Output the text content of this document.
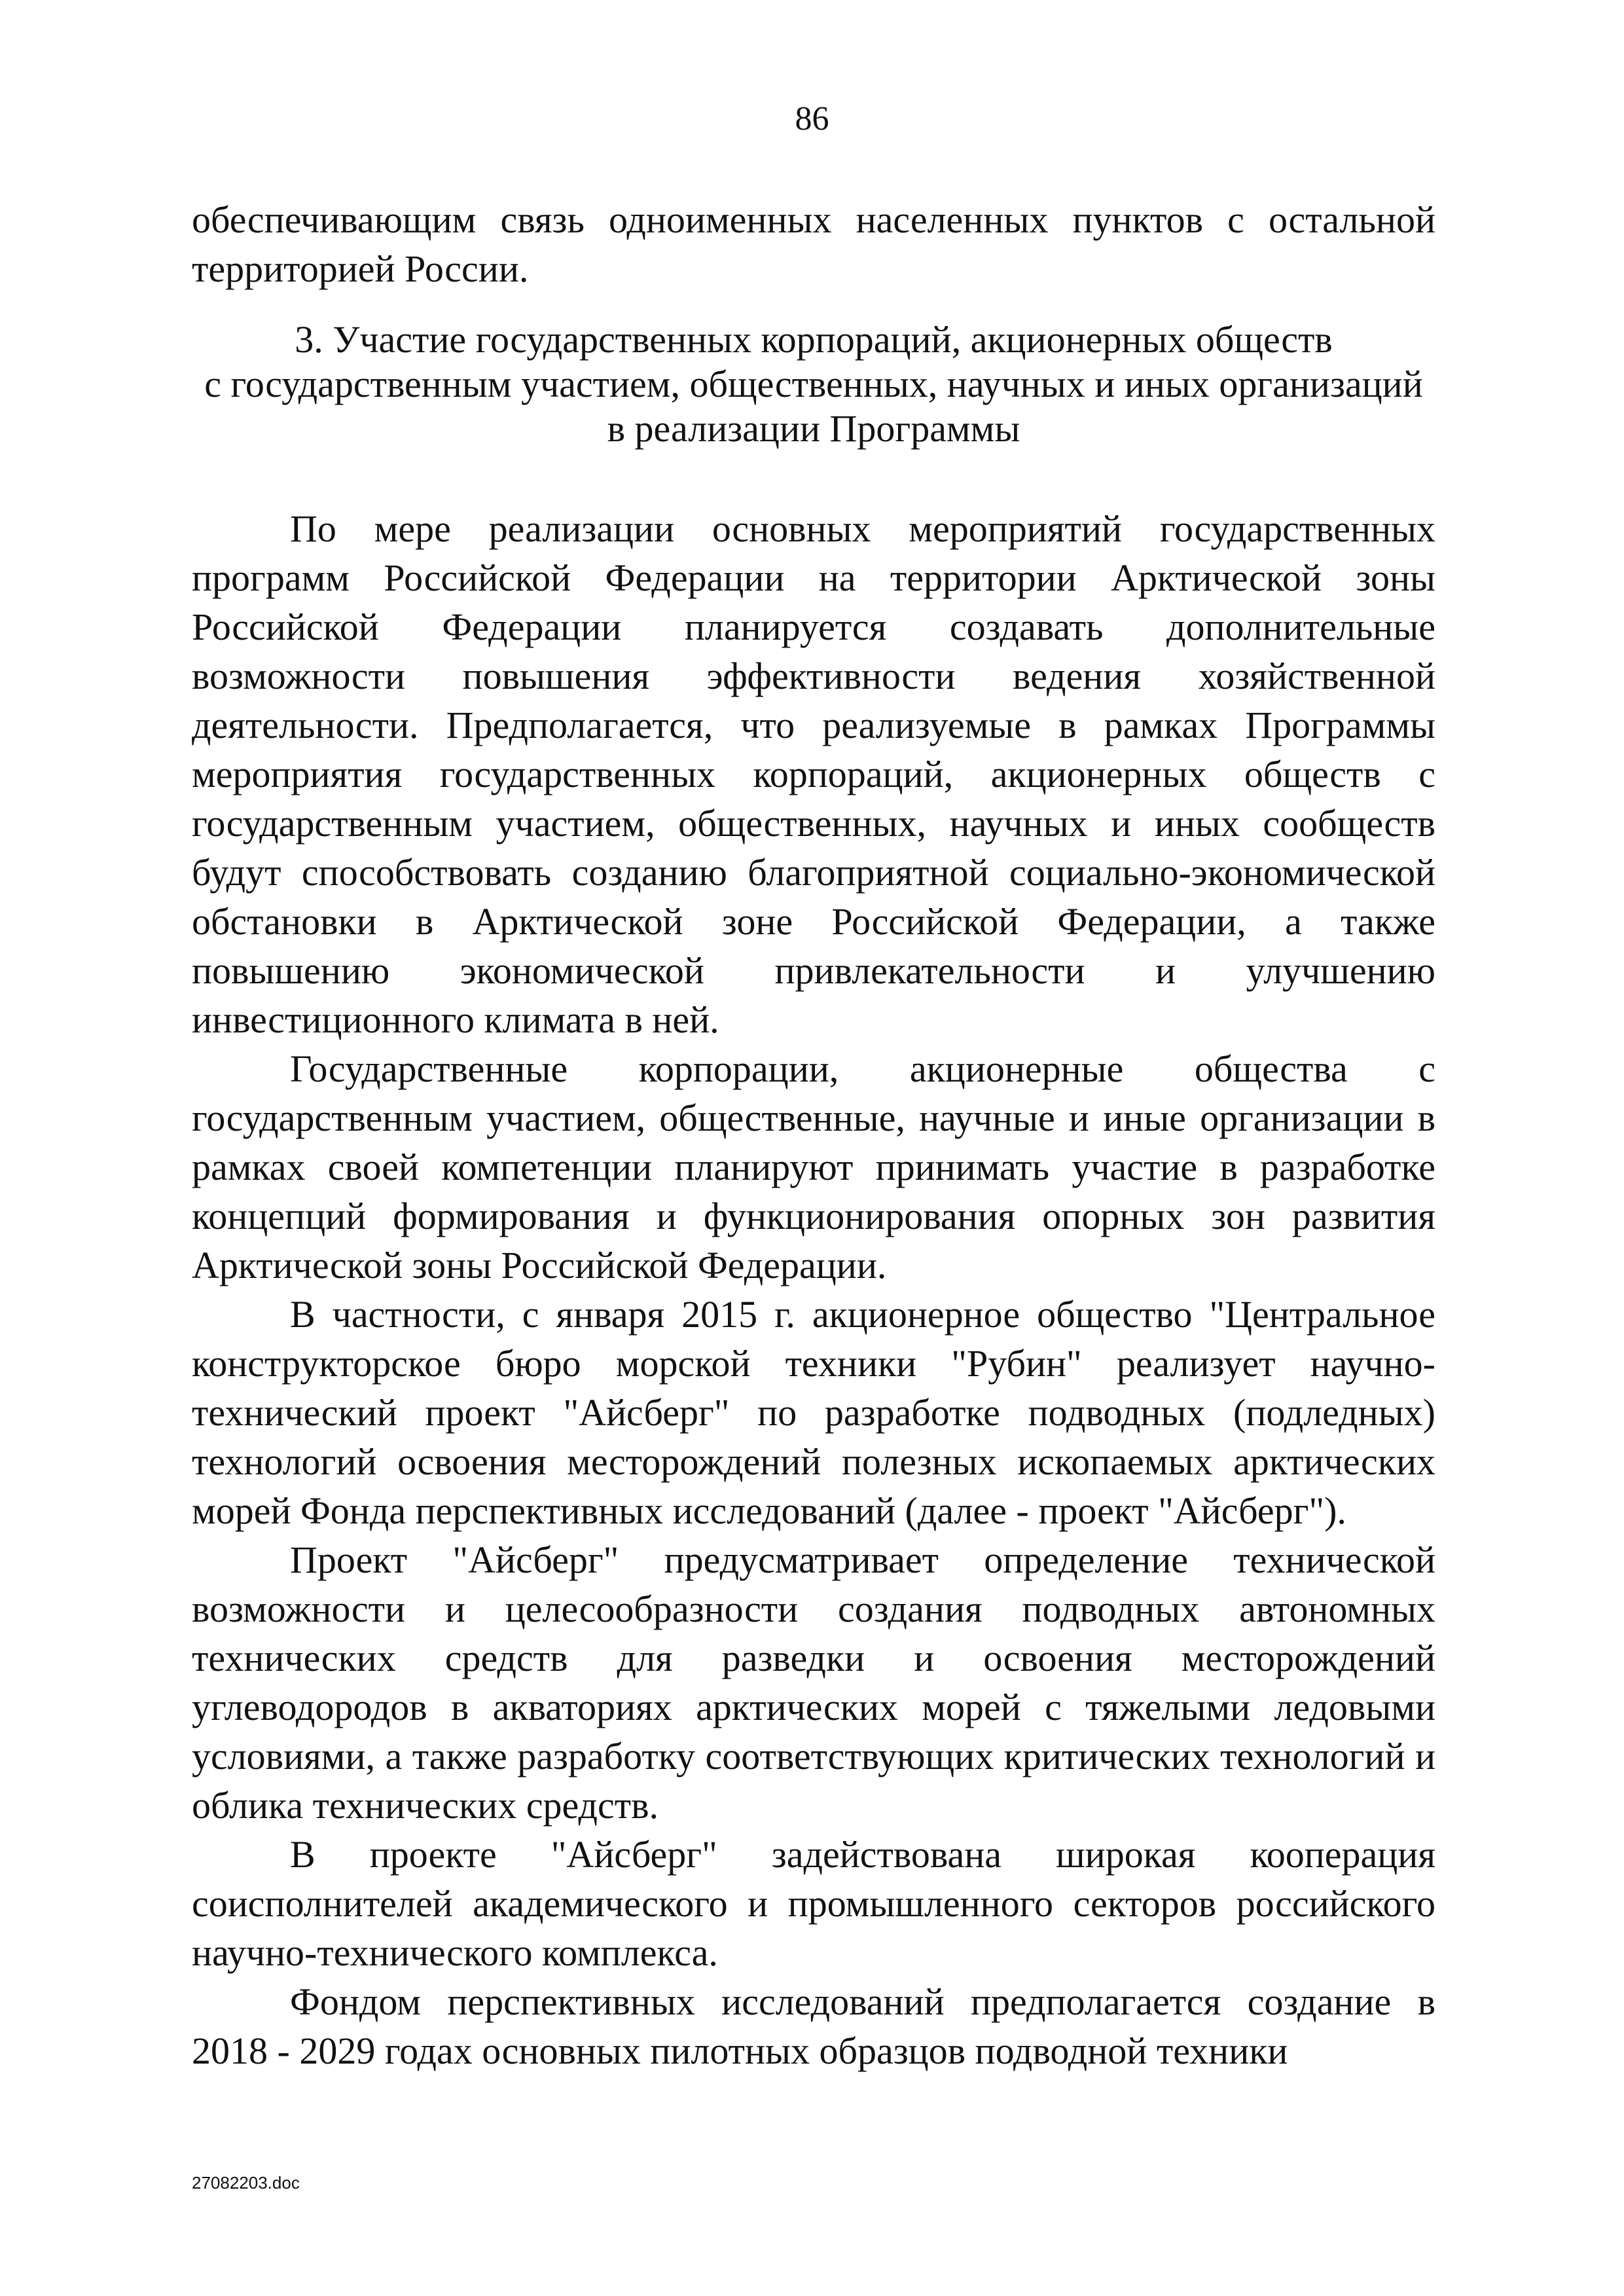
86

обеспечивающим связь одноименных населенных пунктов с остальной территорией России.

3. Участие государственных корпораций, акционерных обществ
с государственным участием, общественных, научных и иных организаций
в реализации Программы

По мере реализации основных мероприятий государственных программ Российской Федерации на территории Арктической зоны Российской Федерации планируется создавать дополнительные возможности повышения эффективности ведения хозяйственной деятельности. Предполагается, что реализуемые в рамках Программы мероприятия государственных корпораций, акционерных обществ с государственным участием, общественных, научных и иных сообществ будут способствовать созданию благоприятной социально-экономической обстановки в Арктической зоне Российской Федерации, а также повышению экономической привлекательности и улучшению инвестиционного климата в ней.

Государственные корпорации, акционерные общества с государственным участием, общественные, научные и иные организации в рамках своей компетенции планируют принимать участие в разработке концепций формирования и функционирования опорных зон развития Арктической зоны Российской Федерации.

В частности, с января 2015 г. акционерное общество "Центральное конструкторское бюро морской техники "Рубин" реализует научно-технический проект "Айсберг" по разработке подводных (подледных) технологий освоения месторождений полезных ископаемых арктических морей Фонда перспективных исследований (далее - проект "Айсберг").

Проект "Айсберг" предусматривает определение технической возможности и целесообразности создания подводных автономных технических средств для разведки и освоения месторождений углеводородов в акваториях арктических морей с тяжелыми ледовыми условиями, а также разработку соответствующих критических технологий и облика технических средств.

В проекте "Айсберг" задействована широкая кооперация соисполнителей академического и промышленного секторов российского научно-технического комплекса.

Фондом перспективных исследований предполагается создание в 2018 - 2029 годах основных пилотных образцов подводной техники

27082203.doc
